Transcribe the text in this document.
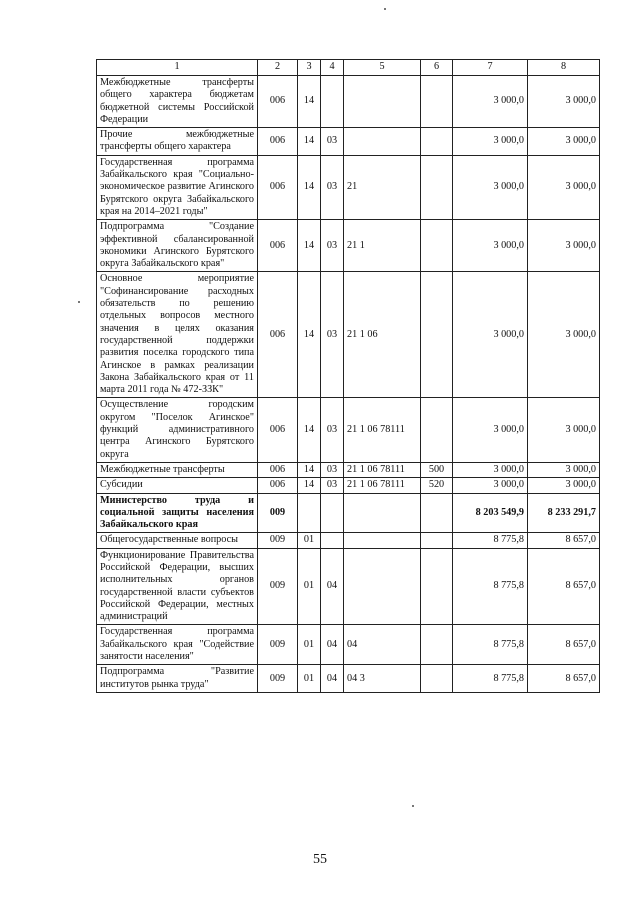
1	2	3	4	5	6	7	8
Межбюджетные трансферты общего характера бюджетам бюджетной системы Российской Федерации	006	14				3 000,0	3 000,0
Прочие межбюджетные трансферты общего характера	006	14	03			3 000,0	3 000,0
Государственная программа Забайкальского края "Социально-экономическое развитие Агинского Бурятского округа Забайкальского края на 2014–2021 годы"	006	14	03	21		3 000,0	3 000,0
Подпрограмма "Создание эффективной сбалансированной экономики Агинского Бурятского округа Забайкальского края"	006	14	03	21 1		3 000,0	3 000,0
Основное мероприятие "Софинансирование расходных обязательств по решению отдельных вопросов местного значения в целях оказания государственной поддержки развития поселка городского типа Агинское в рамках реализации Закона Забайкальского края от 11 марта 2011 года № 472-ЗЗК"	006	14	03	21 1 06		3 000,0	3 000,0
Осуществление городским округом "Поселок Агинское" функций административного центра Агинского Бурятского округа	006	14	03	21 1 06 78111		3 000,0	3 000,0
Межбюджетные трансферты	006	14	03	21 1 06 78111	500	3 000,0	3 000,0
Субсидии	006	14	03	21 1 06 78111	520	3 000,0	3 000,0
Министерство труда и социальной защиты населения Забайкальского края	009					8 203 549,9	8 233 291,7
Общегосударственные вопросы	009	01				8 775,8	8 657,0
Функционирование Правительства Российской Федерации, высших исполнительных органов государственной власти субъектов Российской Федерации, местных администраций	009	01	04			8 775,8	8 657,0
Государственная программа Забайкальского края "Содействие занятости населения"	009	01	04	04		8 775,8	8 657,0
Подпрограмма "Развитие институтов рынка труда"	009	01	04	04 3		8 775,8	8 657,0
55
